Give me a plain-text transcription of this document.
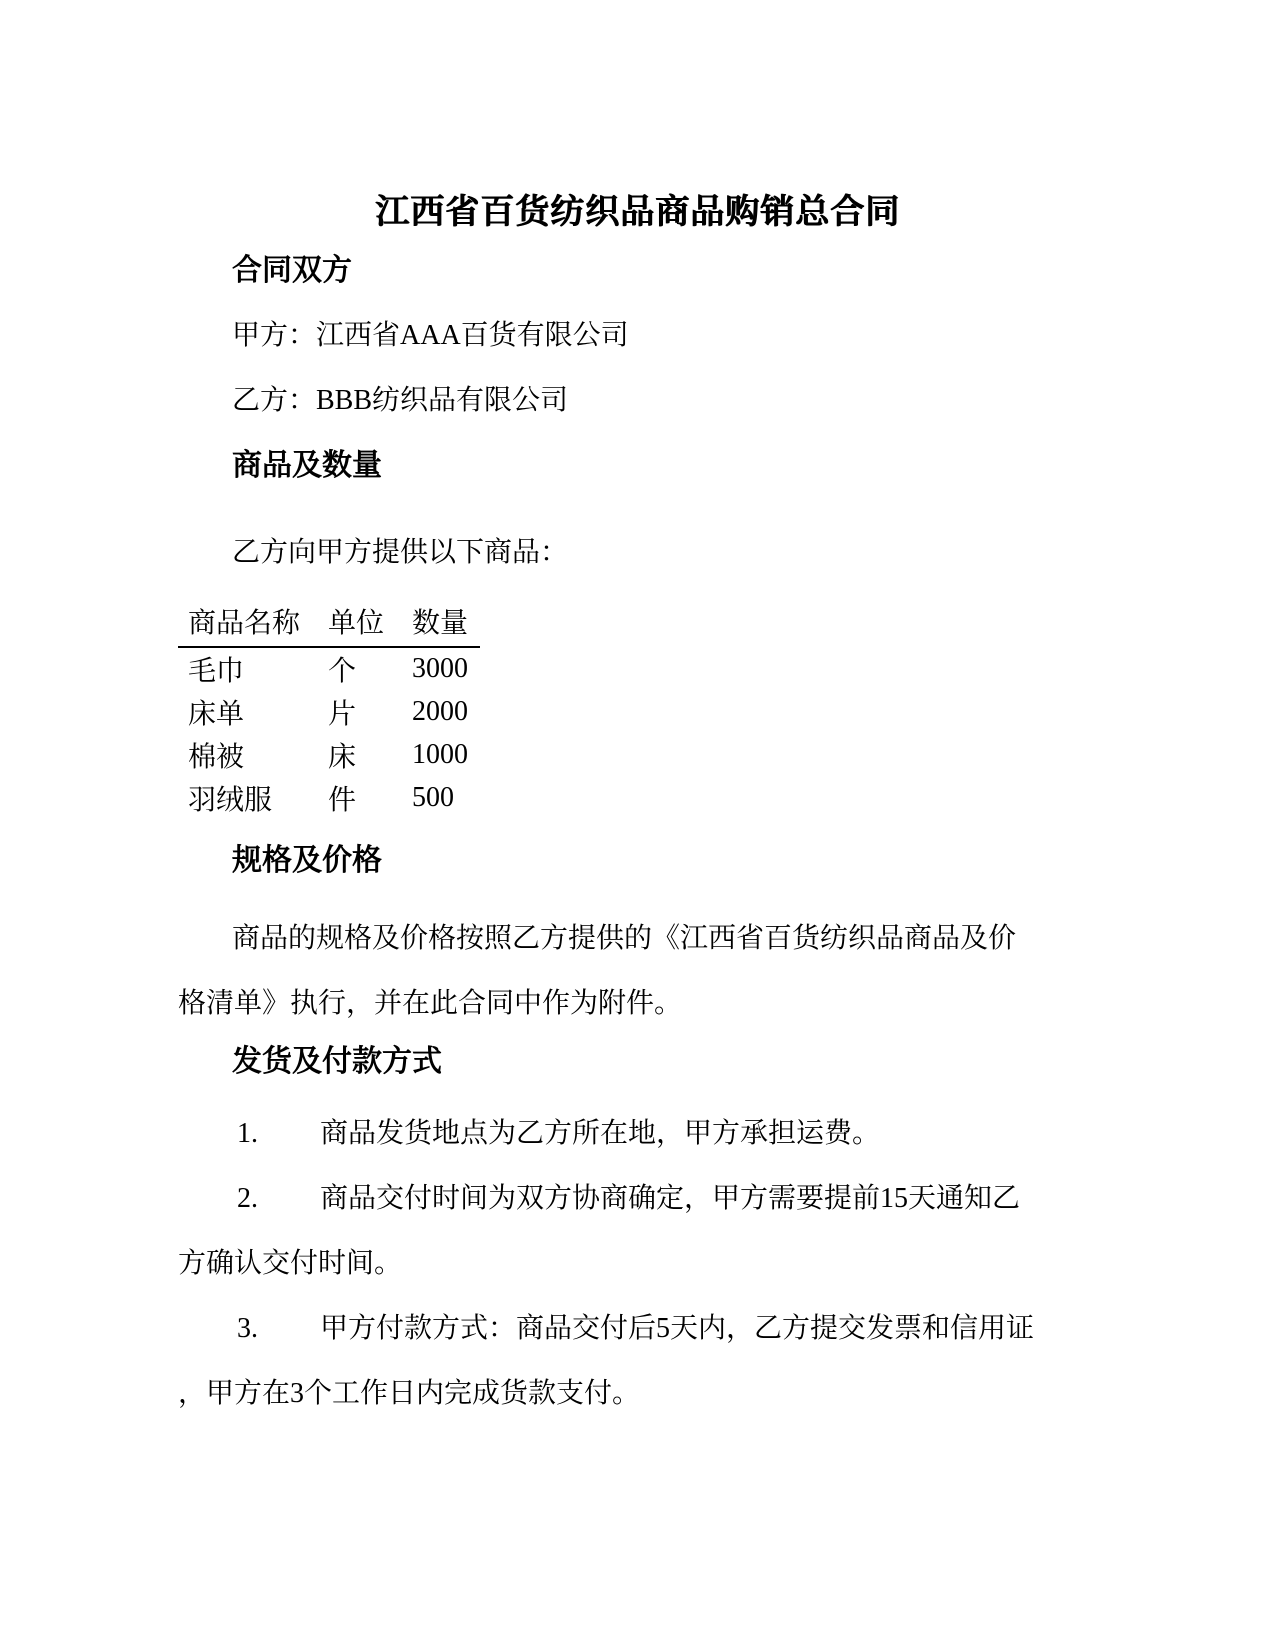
江西省百货纺织品商品购销总合同
合同双方
甲方：江西省AAA百货有限公司
乙方：BBB纺织品有限公司
商品及数量
乙方向甲方提供以下商品：
商品名称	单位	数量
毛巾	个	3000
床单	片	2000
棉被	床	1000
羽绒服	件	500
规格及价格
商品的规格及价格按照乙方提供的《江西省百货纺织品商品及价
格清单》执行，并在此合同中作为附件。
发货及付款方式
1. 商品发货地点为乙方所在地，甲方承担运费。
2. 商品交付时间为双方协商确定，甲方需要提前15天通知乙
方确认交付时间。
3. 甲方付款方式：商品交付后5天内，乙方提交发票和信用证
，甲方在3个工作日内完成货款支付。
